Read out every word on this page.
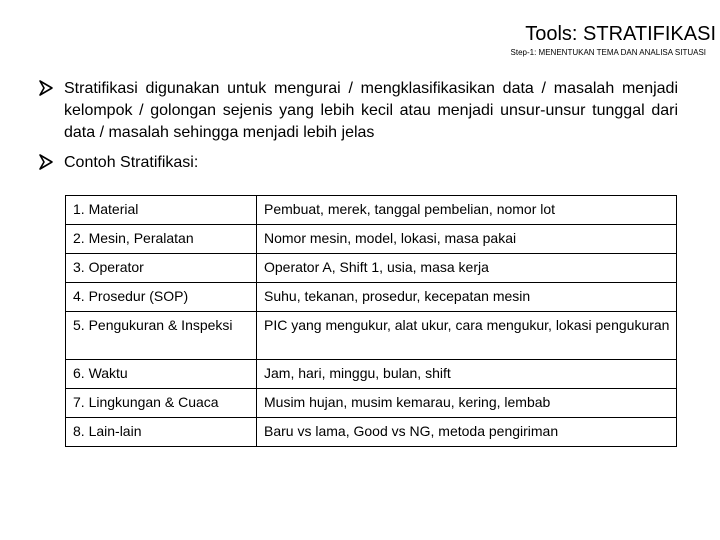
Tools: STRATIFIKASI
Step-1: MENENTUKAN TEMA DAN ANALISA SITUASI
Stratifikasi digunakan untuk mengurai / mengklasifikasikan data / masalah menjadi kelompok / golongan sejenis yang lebih kecil atau menjadi unsur-unsur tunggal dari data / masalah sehingga menjadi lebih jelas
Contoh Stratifikasi:
1. Material	Pembuat, merek, tanggal pembelian, nomor lot
2. Mesin, Peralatan	Nomor mesin, model, lokasi, masa pakai
3. Operator	Operator A, Shift 1, usia, masa kerja
4. Prosedur (SOP)	Suhu, tekanan, prosedur, kecepatan mesin
5. Pengukuran & Inspeksi	PIC yang mengukur, alat ukur, cara mengukur, lokasi pengukuran
6. Waktu	Jam, hari, minggu, bulan, shift
7. Lingkungan & Cuaca	Musim hujan, musim kemarau, kering, lembab
8. Lain-lain	Baru vs lama, Good vs NG, metoda pengiriman
